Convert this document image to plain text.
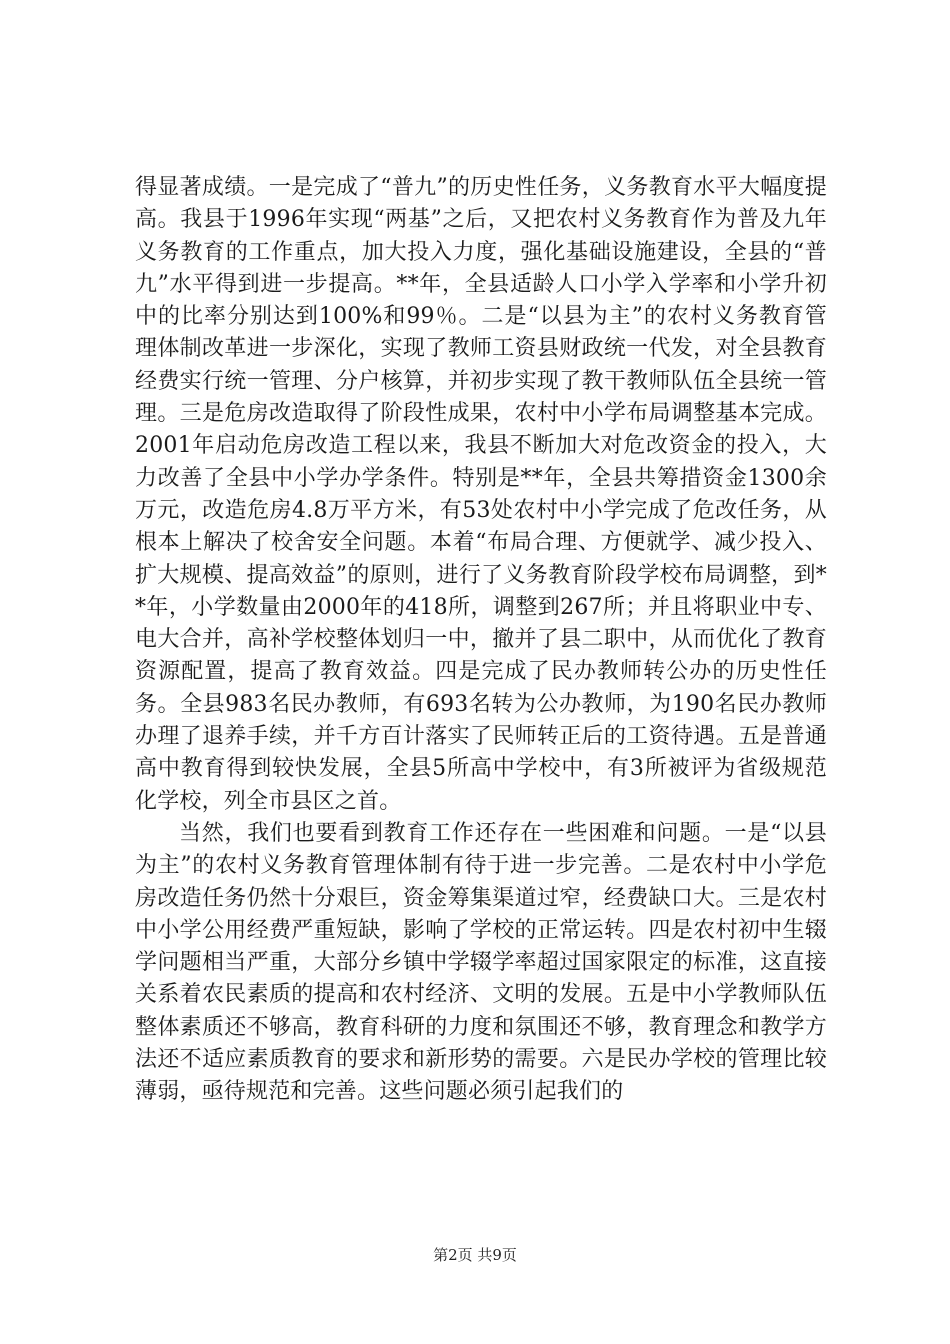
得显著成绩。一是完成了“普九”的历史性任务，义务教育水平大幅度提高。我县于1996年实现“两基”之后，又把农村义务教育作为普及九年义务教育的工作重点，加大投入力度，强化基础设施建设，全县的“普九”水平得到进一步提高。**年，全县适龄人口小学入学率和小学升初中的比率分别达到100%和99％。二是“以县为主”的农村义务教育管理体制改革进一步深化，实现了教师工资县财政统一代发，对全县教育经费实行统一管理、分户核算，并初步实现了教干教师队伍全县统一管理。三是危房改造取得了阶段性成果，农村中小学布局调整基本完成。2001年启动危房改造工程以来，我县不断加大对危改资金的投入，大力改善了全县中小学办学条件。特别是**年，全县共筹措资金1300余万元，改造危房4.8万平方米，有53处农村中小学完成了危改任务，从根本上解决了校舍安全问题。本着“布局合理、方便就学、减少投入、扩大规模、提高效益”的原则，进行了义务教育阶段学校布局调整，到**年，小学数量由2000年的418所，调整到267所；并且将职业中专、电大合并，高补学校整体划归一中，撤并了县二职中，从而优化了教育资源配置，提高了教育效益。四是完成了民办教师转公办的历史性任务。全县983名民办教师，有693名转为公办教师，为190名民办教师办理了退养手续，并千方百计落实了民师转正后的工资待遇。五是普通高中教育得到较快发展，全县5所高中学校中，有3所被评为省级规范化学校，列全市县区之首。

当然，我们也要看到教育工作还存在一些困难和问题。一是“以县为主”的农村义务教育管理体制有待于进一步完善。二是农村中小学危房改造任务仍然十分艰巨，资金筹集渠道过窄，经费缺口大。三是农村中小学公用经费严重短缺，影响了学校的正常运转。四是农村初中生辍学问题相当严重，大部分乡镇中学辍学率超过国家限定的标准，这直接关系着农民素质的提高和农村经济、文明的发展。五是中小学教师队伍整体素质还不够高，教育科研的力度和氛围还不够，教育理念和教学方法还不适应素质教育的要求和新形势的需要。六是民办学校的管理比较薄弱，亟待规范和完善。这些问题必须引起我们的

第2页 共9页
